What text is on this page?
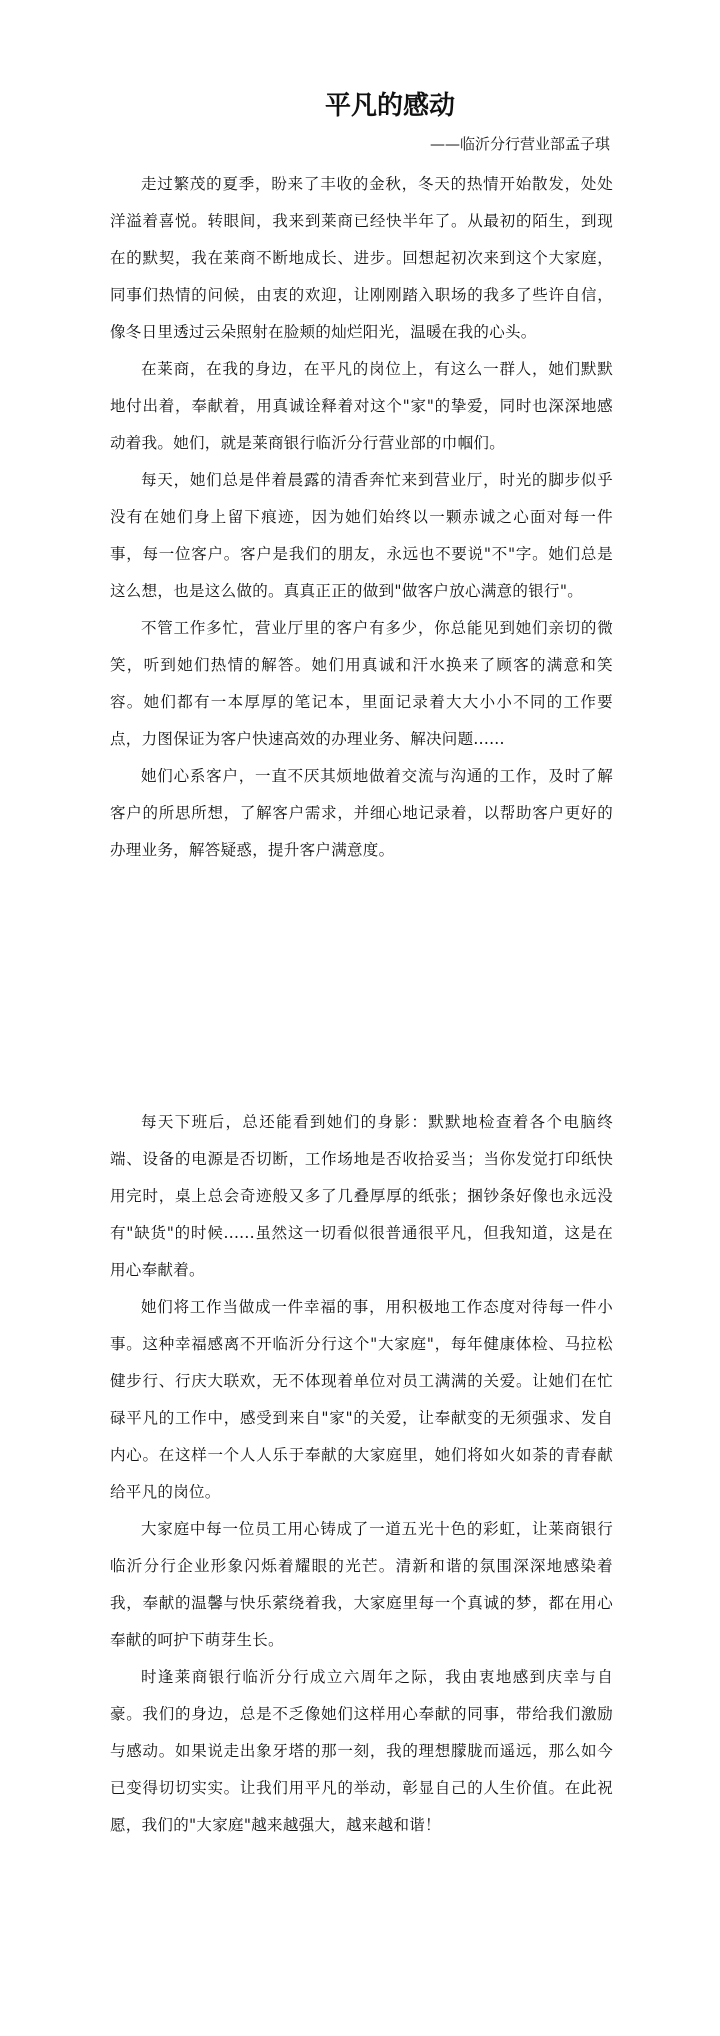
平凡的感动

——临沂分行营业部孟子琪

走过繁茂的夏季，盼来了丰收的金秋，冬天的热情开始散发，处处洋溢着喜悦。转眼间，我来到莱商已经快半年了。从最初的陌生，到现在的默契，我在莱商不断地成长、进步。回想起初次来到这个大家庭，同事们热情的问候，由衷的欢迎，让刚刚踏入职场的我多了些许自信，像冬日里透过云朵照射在脸颊的灿烂阳光，温暖在我的心头。

在莱商，在我的身边，在平凡的岗位上，有这么一群人，她们默默地付出着，奉献着，用真诚诠释着对这个"家"的挚爱，同时也深深地感动着我。她们，就是莱商银行临沂分行营业部的巾帼们。

每天，她们总是伴着晨露的清香奔忙来到营业厅，时光的脚步似乎没有在她们身上留下痕迹，因为她们始终以一颗赤诚之心面对每一件事，每一位客户。客户是我们的朋友，永远也不要说"不"字。她们总是这么想，也是这么做的。真真正正的做到"做客户放心满意的银行"。

不管工作多忙，营业厅里的客户有多少，你总能见到她们亲切的微笑，听到她们热情的解答。她们用真诚和汗水换来了顾客的满意和笑容。她们都有一本厚厚的笔记本，里面记录着大大小小不同的工作要点，力图保证为客户快速高效的办理业务、解决问题......

她们心系客户，一直不厌其烦地做着交流与沟通的工作，及时了解客户的所思所想，了解客户需求，并细心地记录着，以帮助客户更好的办理业务，解答疑惑，提升客户满意度。

每天下班后，总还能看到她们的身影：默默地检查着各个电脑终端、设备的电源是否切断，工作场地是否收拾妥当；当你发觉打印纸快用完时，桌上总会奇迹般又多了几叠厚厚的纸张；捆钞条好像也永远没有"缺货"的时候......虽然这一切看似很普通很平凡，但我知道，这是在用心奉献着。

她们将工作当做成一件幸福的事，用积极地工作态度对待每一件小事。这种幸福感离不开临沂分行这个"大家庭"，每年健康体检、马拉松健步行、行庆大联欢，无不体现着单位对员工满满的关爱。让她们在忙碌平凡的工作中，感受到来自"家"的关爱，让奉献变的无须强求、发自内心。在这样一个人人乐于奉献的大家庭里，她们将如火如荼的青春献给平凡的岗位。

大家庭中每一位员工用心铸成了一道五光十色的彩虹，让莱商银行临沂分行企业形象闪烁着耀眼的光芒。清新和谐的氛围深深地感染着我，奉献的温馨与快乐萦绕着我，大家庭里每一个真诚的梦，都在用心奉献的呵护下萌芽生长。

时逢莱商银行临沂分行成立六周年之际，我由衷地感到庆幸与自豪。我们的身边，总是不乏像她们这样用心奉献的同事，带给我们激励与感动。如果说走出象牙塔的那一刻，我的理想朦胧而遥远，那么如今已变得切切实实。让我们用平凡的举动，彰显自己的人生价值。在此祝愿，我们的"大家庭"越来越强大，越来越和谐！
